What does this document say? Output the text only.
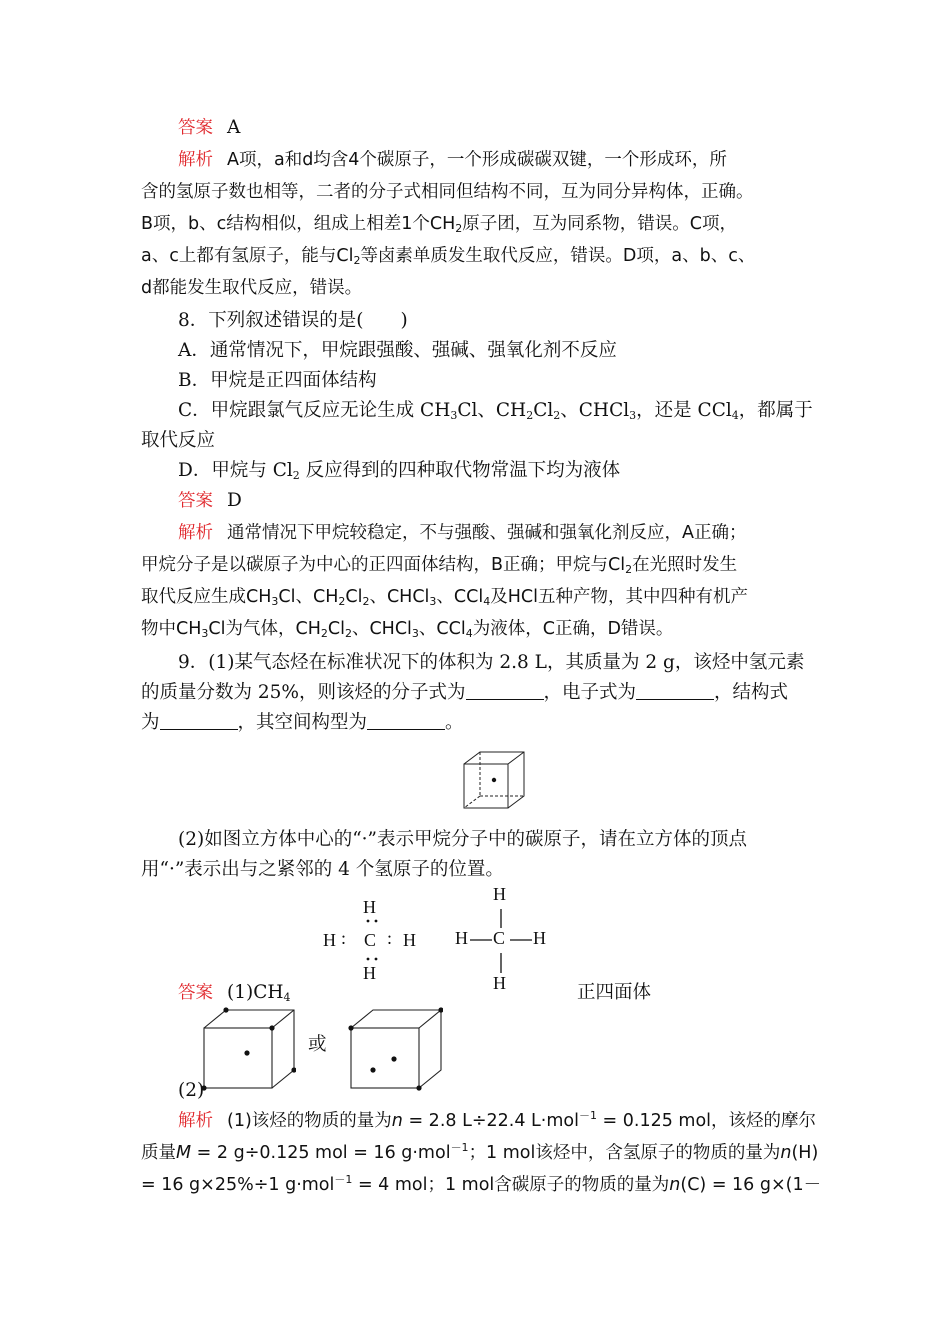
答案 A
解析 A项，a和d均含4个碳原子，一个形成碳碳双键，一个形成环，所
含的氢原子数也相等，二者的分子式相同但结构不同，互为同分异构体，正确。
B项，b、c结构相似，组成上相差1个$CH_2$原子团，互为同系物，错误。C项，
a、c上都有氢原子，能与$Cl_2$等卤素单质发生取代反应，错误。D项，a、b、c、
d都能发生取代反应，错误。
8．下列叙述错误的是(　　)
A．通常情况下，甲烷跟强酸、强碱、强氧化剂不反应
B．甲烷是正四面体结构
C．甲烷跟氯气反应无论生成 $CH_3Cl$、$CH_2Cl_2$、CHCl$_3$，还是 CCl$_4$，都属于
取代反应
D．甲烷与 $Cl_2$ 反应得到的四种取代物常温下均为液体
答案 D
解析 通常情况下甲烷较稳定，不与强酸、强碱和强氧化剂反应，A正确；
甲烷分子是以碳原子为中心的正四面体结构，B正确；甲烷与$Cl_2$在光照时发生
取代反应生成$CH_3Cl$、$CH_2Cl_2$、CHCl$_3$、CCl$_4$及HCl五种产物，其中四种有机产
物中$CH_3Cl$为气体，$CH_2Cl_2$、CHCl$_3$、CCl$_4$为液体，C正确，D错误。
9．(1)某气态烃在标准状况下的体积为 2.8 L，其质量为 2 g，该烃中氢元素
的质量分数为 25%，则该烃的分子式为	，电子式为	，结构式
为	，其空间构型为	。
(2)如图立方体中心的“·”表示甲烷分子中的碳原子，请在立方体的顶点
用“·”表示出与之紧邻的 4 个氢原子的位置。
H
H : C : H
H
H
H C H
H
答案 $(1)CH_4$	正四面体
或
(2)
解析 (1)该烃的物质的量为n = 2.8 L÷22.4 L·mol$^{-1}$ = 0.125 mol，该烃的摩尔
质量M = 2 g÷0.125 mol = 16 g·mol$^{-1}$；1 mol该烃中，含氢原子的物质的量为n(H)
= 16 g×25%÷1 g·mol$^{-1}$ = 4 mol；1 mol含碳原子的物质的量为n(C) = 16 g×(1－
